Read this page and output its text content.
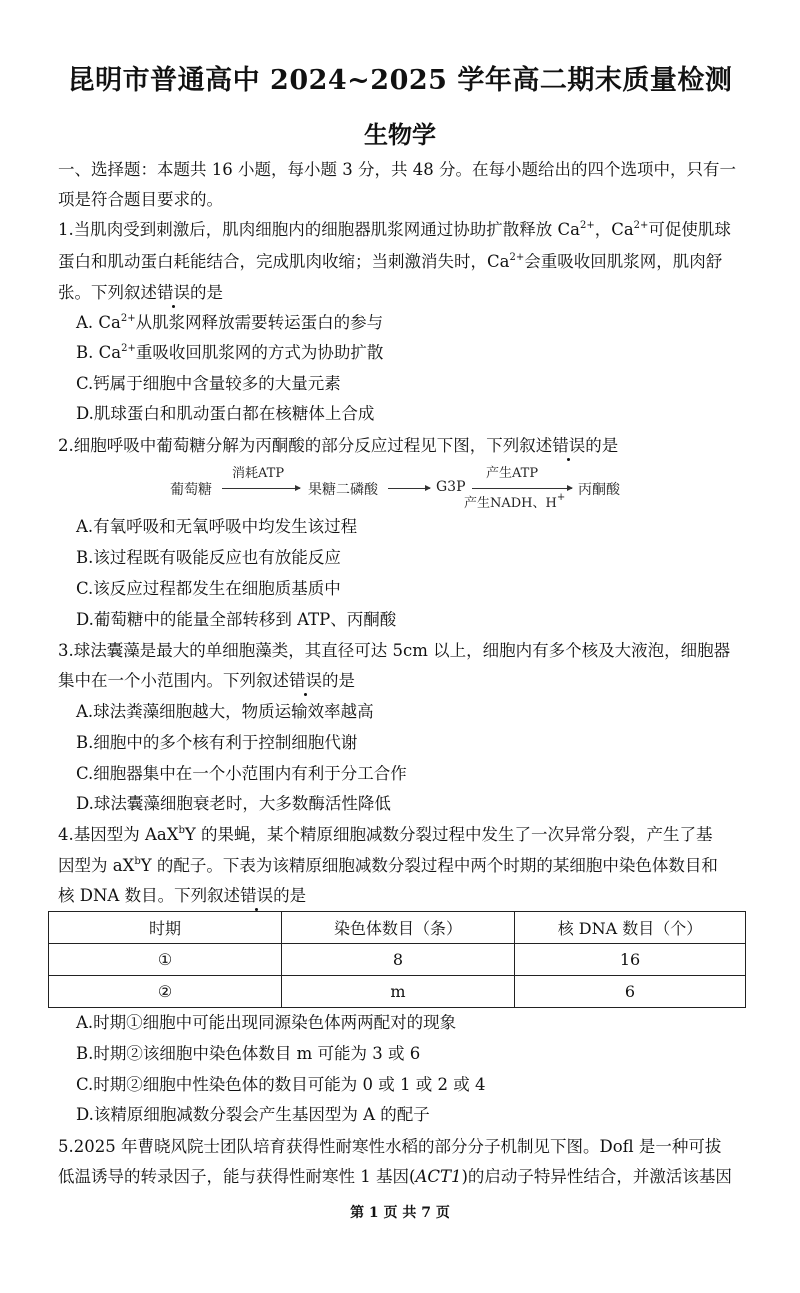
昆明市普通高中 2024~2025 学年高二期末质量检测
生物学
一、选择题：本题共 16 小题，每小题 3 分，共 48 分。在每小题给出的四个选项中，只有一
项是符合题目要求的。
1.当肌肉受到刺激后，肌肉细胞内的细胞器肌浆网通过协助扩散释放 $Ca^{2+}$，$Ca^{2+}$可促使肌球
蛋白和肌动蛋白耗能结合，完成肌肉收缩；当刺激消失时，$Ca^{2+}$会重吸收回肌浆网，肌肉舒
张。下列叙述错误的是
A. $Ca^{2+}$从肌浆网释放需要转运蛋白的参与
B. $Ca^{2+}$重吸收回肌浆网的方式为协助扩散
C.钙属于细胞中含量较多的大量元素
D.肌球蛋白和肌动蛋白都在核糖体上合成
2.细胞呼吸中葡萄糖分解为丙酮酸的部分反应过程见下图，下列叙述错误的是
葡萄糖
消耗ATP
果糖二磷酸	G3P
产生ATP
产生NADH、H+ 丙酮酸
A.有氧呼吸和无氧呼吸中均发生该过程
B.该过程既有吸能反应也有放能反应
C.该反应过程都发生在细胞质基质中
D.葡萄糖中的能量全部转移到 ATP、丙酮酸
3.球法囊藻是最大的单细胞藻类，其直径可达 5cm 以上，细胞内有多个核及大液泡，细胞器
集中在一个小范围内。下列叙述错误的是
A.球法粪藻细胞越大，物质运输效率越高
B.细胞中的多个核有利于控制细胞代谢
C.细胞器集中在一个小范围内有利于分工合作
D.球法囊藻细胞衰老时，大多数酶活性降低
4.基因型为 AaX$^b$Y 的果蝇，某个精原细胞减数分裂过程中发生了一次异常分裂，产生了基
因型为 $aX^bY$ 的配子。下表为该精原细胞减数分裂过程中两个时期的某细胞中染色体数目和
核 DNA 数目。下列叙述错误的是
时期	染色体数目（条）	核 DNA 数目（个）
①	8	16
②	m	6
A.时期①细胞中可能出现同源染色体两两配对的现象
B.时期②该细胞中染色体数目 m 可能为 3 或 6
C.时期②细胞中性染色体的数目可能为 0 或 1 或 2 或 4
D.该精原细胞减数分裂会产生基因型为 A 的配子
5.2025 年曹晓风院士团队培育获得性耐寒性水稻的部分分子机制见下图。Dofl 是一种可拔
低温诱导的转录因子，能与获得性耐寒性 1 基因(ACT1)的启动子特异性结合，并激活该基因
第 1 页 共 7 页
